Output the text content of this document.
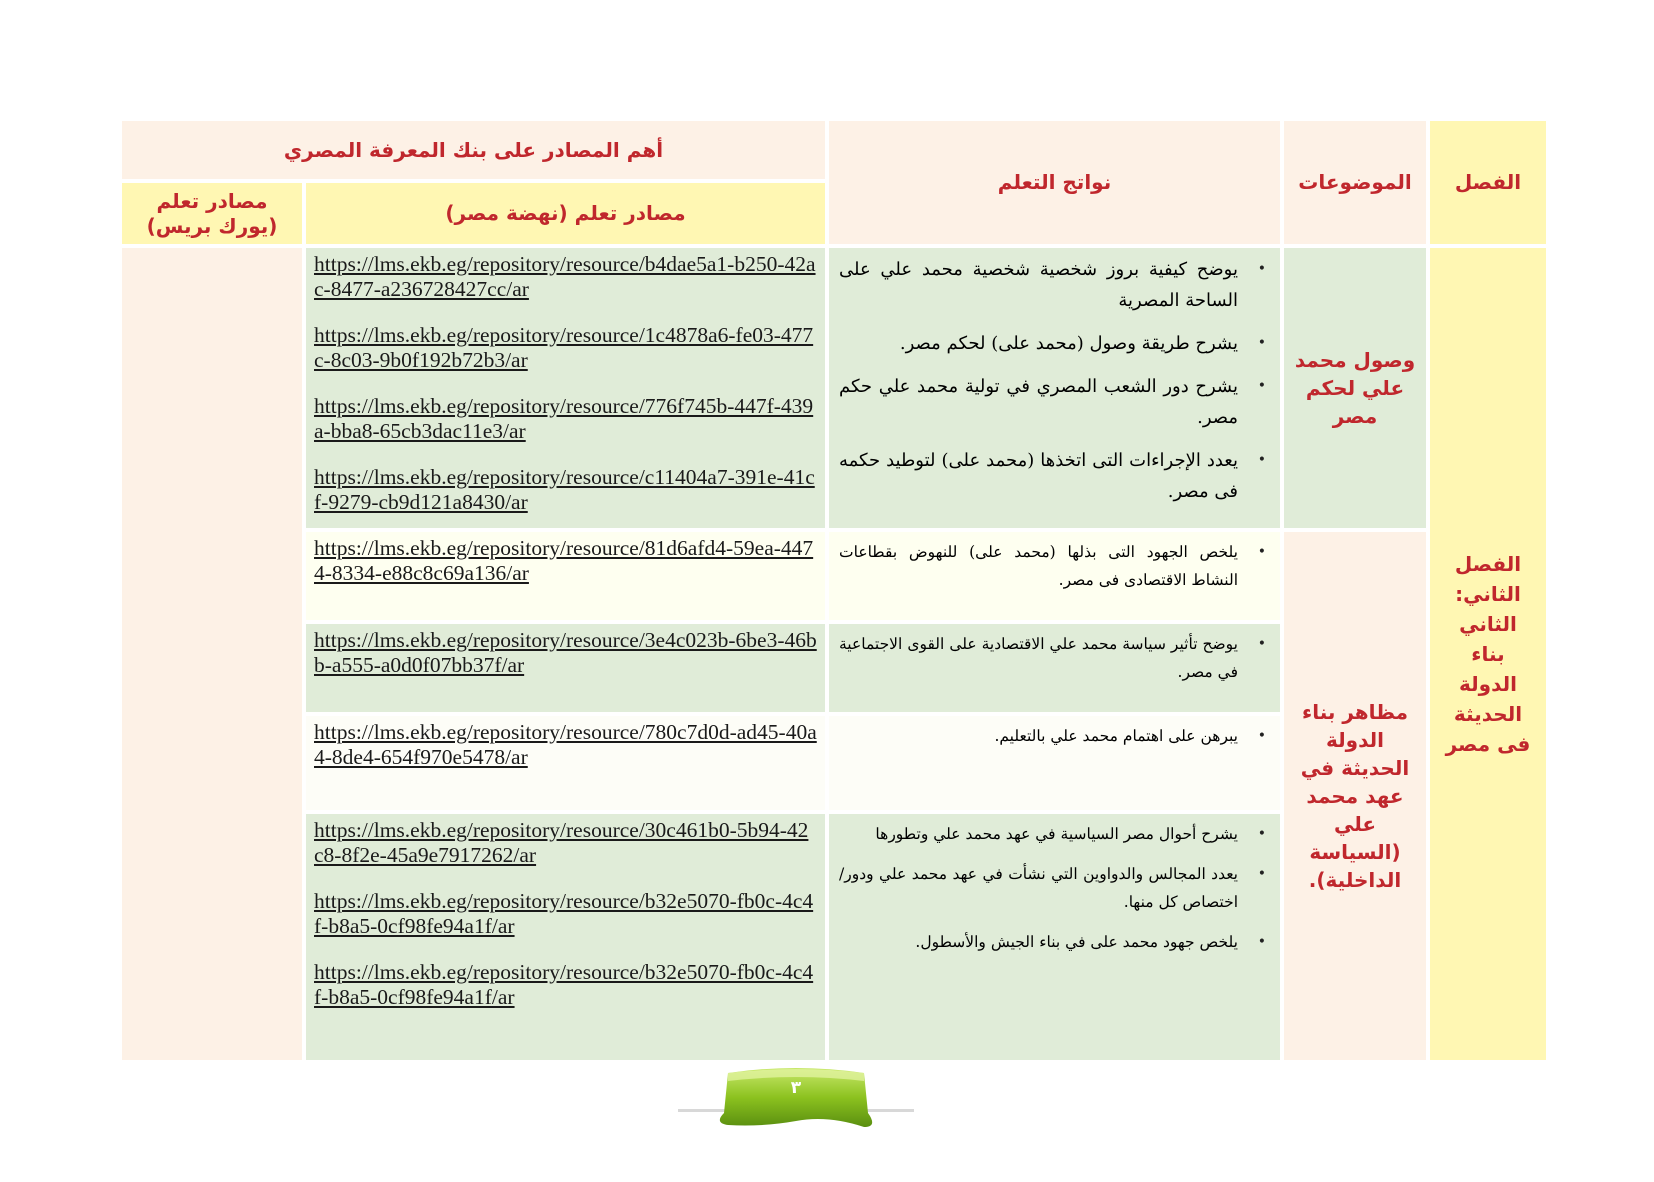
أهم المصادر على بنك المعرفة المصري
نواتج التعلم	الموضوعات	الفصل
مصادر تعلم (يورك بريس)
مصادر تعلم (نهضة مصر)
الفصل الثاني: الثاني بناء الدولة الحديثة فى مصر
وصول محمد علي لحكم مصر
مظاهر بناء الدولة الحديثة في عهد محمد علي (السياسة الداخلية).
https://lms.ekb.eg/repository/resource/b4dae5a1-b250-42ac-8477-a236728427cc/ar
https://lms.ekb.eg/repository/resource/1c4878a6-fe03-477c-8c03-9b0f192b72b3/ar
https://lms.ekb.eg/repository/resource/776f745b-447f-439a-bba8-65cb3dac11e3/ar
https://lms.ekb.eg/repository/resource/c11404a7-391e-41cf-9279-cb9d121a8430/ar
• يوضح كيفية بروز شخصية شخصية محمد علي على الساحة المصرية
• يشرح طريقة وصول (محمد على) لحكم مصر.
• يشرح دور الشعب المصري في تولية محمد علي حكم مصر.
• يعدد الإجراءات التى اتخذها (محمد على) لتوطيد حكمه فى مصر.
https://lms.ekb.eg/repository/resource/81d6afd4-59ea-4474-8334-e88c8c69a136/ar
• يلخص الجهود التى بذلها (محمد على) للنهوض بقطاعات النشاط الاقتصادى فى مصر.
https://lms.ekb.eg/repository/resource/3e4c023b-6be3-46bb-a555-a0d0f07bb37f/ar
• يوضح تأثير سياسة محمد علي الاقتصادية على القوى الاجتماعية في مصر.
https://lms.ekb.eg/repository/resource/780c7d0d-ad45-40a4-8de4-654f970e5478/ar
• يبرهن على اهتمام محمد علي بالتعليم.
https://lms.ekb.eg/repository/resource/30c461b0-5b94-42c8-8f2e-45a9e7917262/ar
https://lms.ekb.eg/repository/resource/b32e5070-fb0c-4c4f-b8a5-0cf98fe94a1f/ar
https://lms.ekb.eg/repository/resource/b32e5070-fb0c-4c4f-b8a5-0cf98fe94a1f/ar
• يشرح أحوال مصر السياسية في عهد محمد علي وتطورها
• يعدد المجالس والدواوين التي نشأت في عهد محمد علي ودور/ اختصاص كل منها.
• يلخص جهود محمد على في بناء الجيش والأسطول.
٣
